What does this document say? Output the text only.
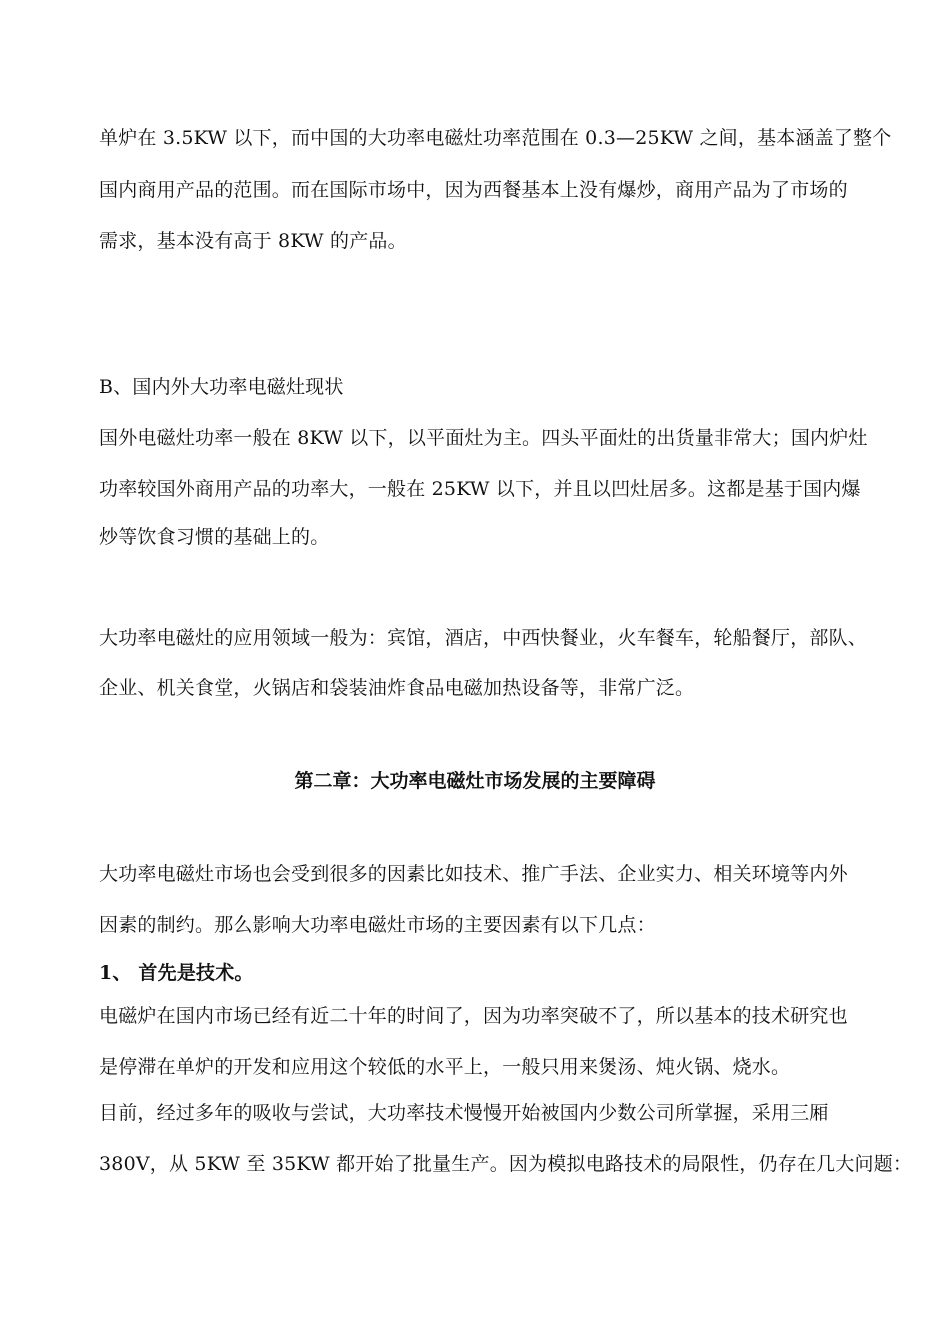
单炉在 3.5KW 以下，而中国的大功率电磁灶功率范围在 0.3—25KW 之间，基本涵盖了整个
国内商用产品的范围。而在国际市场中，因为西餐基本上没有爆炒，商用产品为了市场的
需求，基本没有高于 8KW 的产品。
B、国内外大功率电磁灶现状
国外电磁灶功率一般在 8KW 以下，以平面灶为主。四头平面灶的出货量非常大；国内炉灶
功率较国外商用产品的功率大，一般在 25KW 以下，并且以凹灶居多。这都是基于国内爆
炒等饮食习惯的基础上的。
大功率电磁灶的应用领域一般为：宾馆，酒店，中西快餐业，火车餐车，轮船餐厅，部队、
企业、机关食堂，火锅店和袋装油炸食品电磁加热设备等，非常广泛。
第二章：大功率电磁灶市场发展的主要障碍
大功率电磁灶市场也会受到很多的因素比如技术、推广手法、企业实力、相关环境等内外
因素的制约。那么影响大功率电磁灶市场的主要因素有以下几点：
1、 首先是技术。
电磁炉在国内市场已经有近二十年的时间了，因为功率突破不了，所以基本的技术研究也
是停滞在单炉的开发和应用这个较低的水平上，一般只用来煲汤、炖火锅、烧水。
目前，经过多年的吸收与尝试，大功率技术慢慢开始被国内少数公司所掌握，采用三厢
380V，从 5KW 至 35KW 都开始了批量生产。因为模拟电路技术的局限性，仍存在几大问题：
